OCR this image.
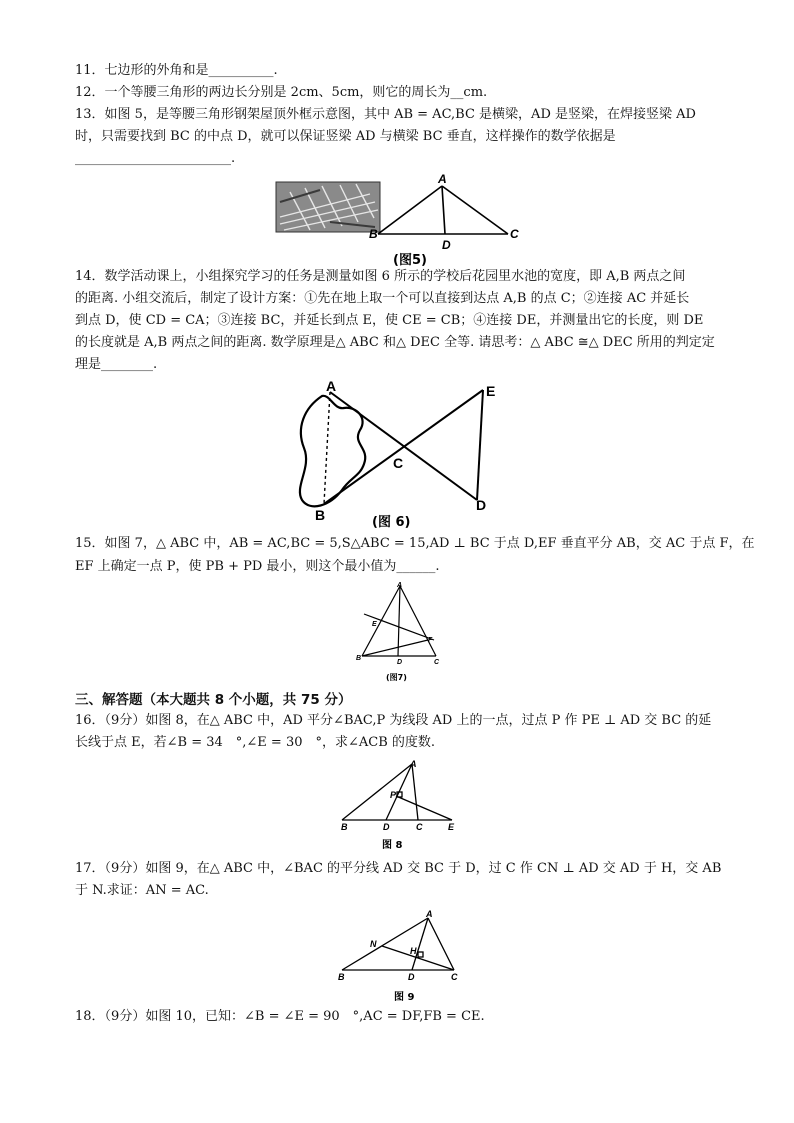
11．七边形的外角和是__________.
12．一个等腰三角形的两边长分别是 2cm、5cm，则它的周长为__cm.
13．如图 5，是等腰三角形钢架屋顶外框示意图，其中 AB = AC,BC 是横梁，AD 是竖梁，在焊接竖梁 AD
时，只需要找到 BC 的中点 D，就可以保证竖梁 AD 与横梁 BC 垂直，这样操作的数学依据是
________________________.
A
B	C
D
(图5)
14．数学活动课上，小组探究学习的任务是测量如图 6 所示的学校后花园里水池的宽度，即 A,B 两点之间
的距离. 小组交流后，制定了设计方案：①先在地上取一个可以直接到达点 A,B 的点 C；②连接 AC 并延长
到点 D，使 CD = CA；③连接 BC，并延长到点 E，使 CE = CB；④连接 DE，并测量出它的长度，则 DE
的长度就是 A,B 两点之间的距离. 数学原理是△ ABC 和△ DEC 全等. 请思考：△ ABC ≅△ DEC 所用的判定定
理是________.
A
B
C
D
E
(图 6)
15．如图 7，△ ABC 中，AB = AC,BC = 5,S△ABC = 15,AD ⊥ BC 于点 D,EF 垂直平分 AB，交 AC 于点 F，在
EF 上确定一点 P，使 PB + PD 最小，则这个最小值为______.
A
B
C
D
E
F
(图7)
三、解答题（本大题共 8 个小题，共 75 分）
16．（9分）如图 8，在△ ABC 中，AD 平分∠BAC,P 为线段 AD 上的一点，过点 P 作 PE ⊥ AD 交 BC 的延
长线于点 E，若∠B = 34　°,∠E = 30　°，求∠ACB 的度数.
A
B	C
D	E
P
图 8
17．（9分）如图 9，在△ ABC 中，∠BAC 的平分线 AD 交 BC 于 D，过 C 作 CN ⊥ AD 交 AD 于 H，交 AB
于 N.求证：AN = AC.
A
B	C
D
H
N
图 9
18．（9分）如图 10，已知：∠B = ∠E = 90　°,AC = DF,FB = CE.
